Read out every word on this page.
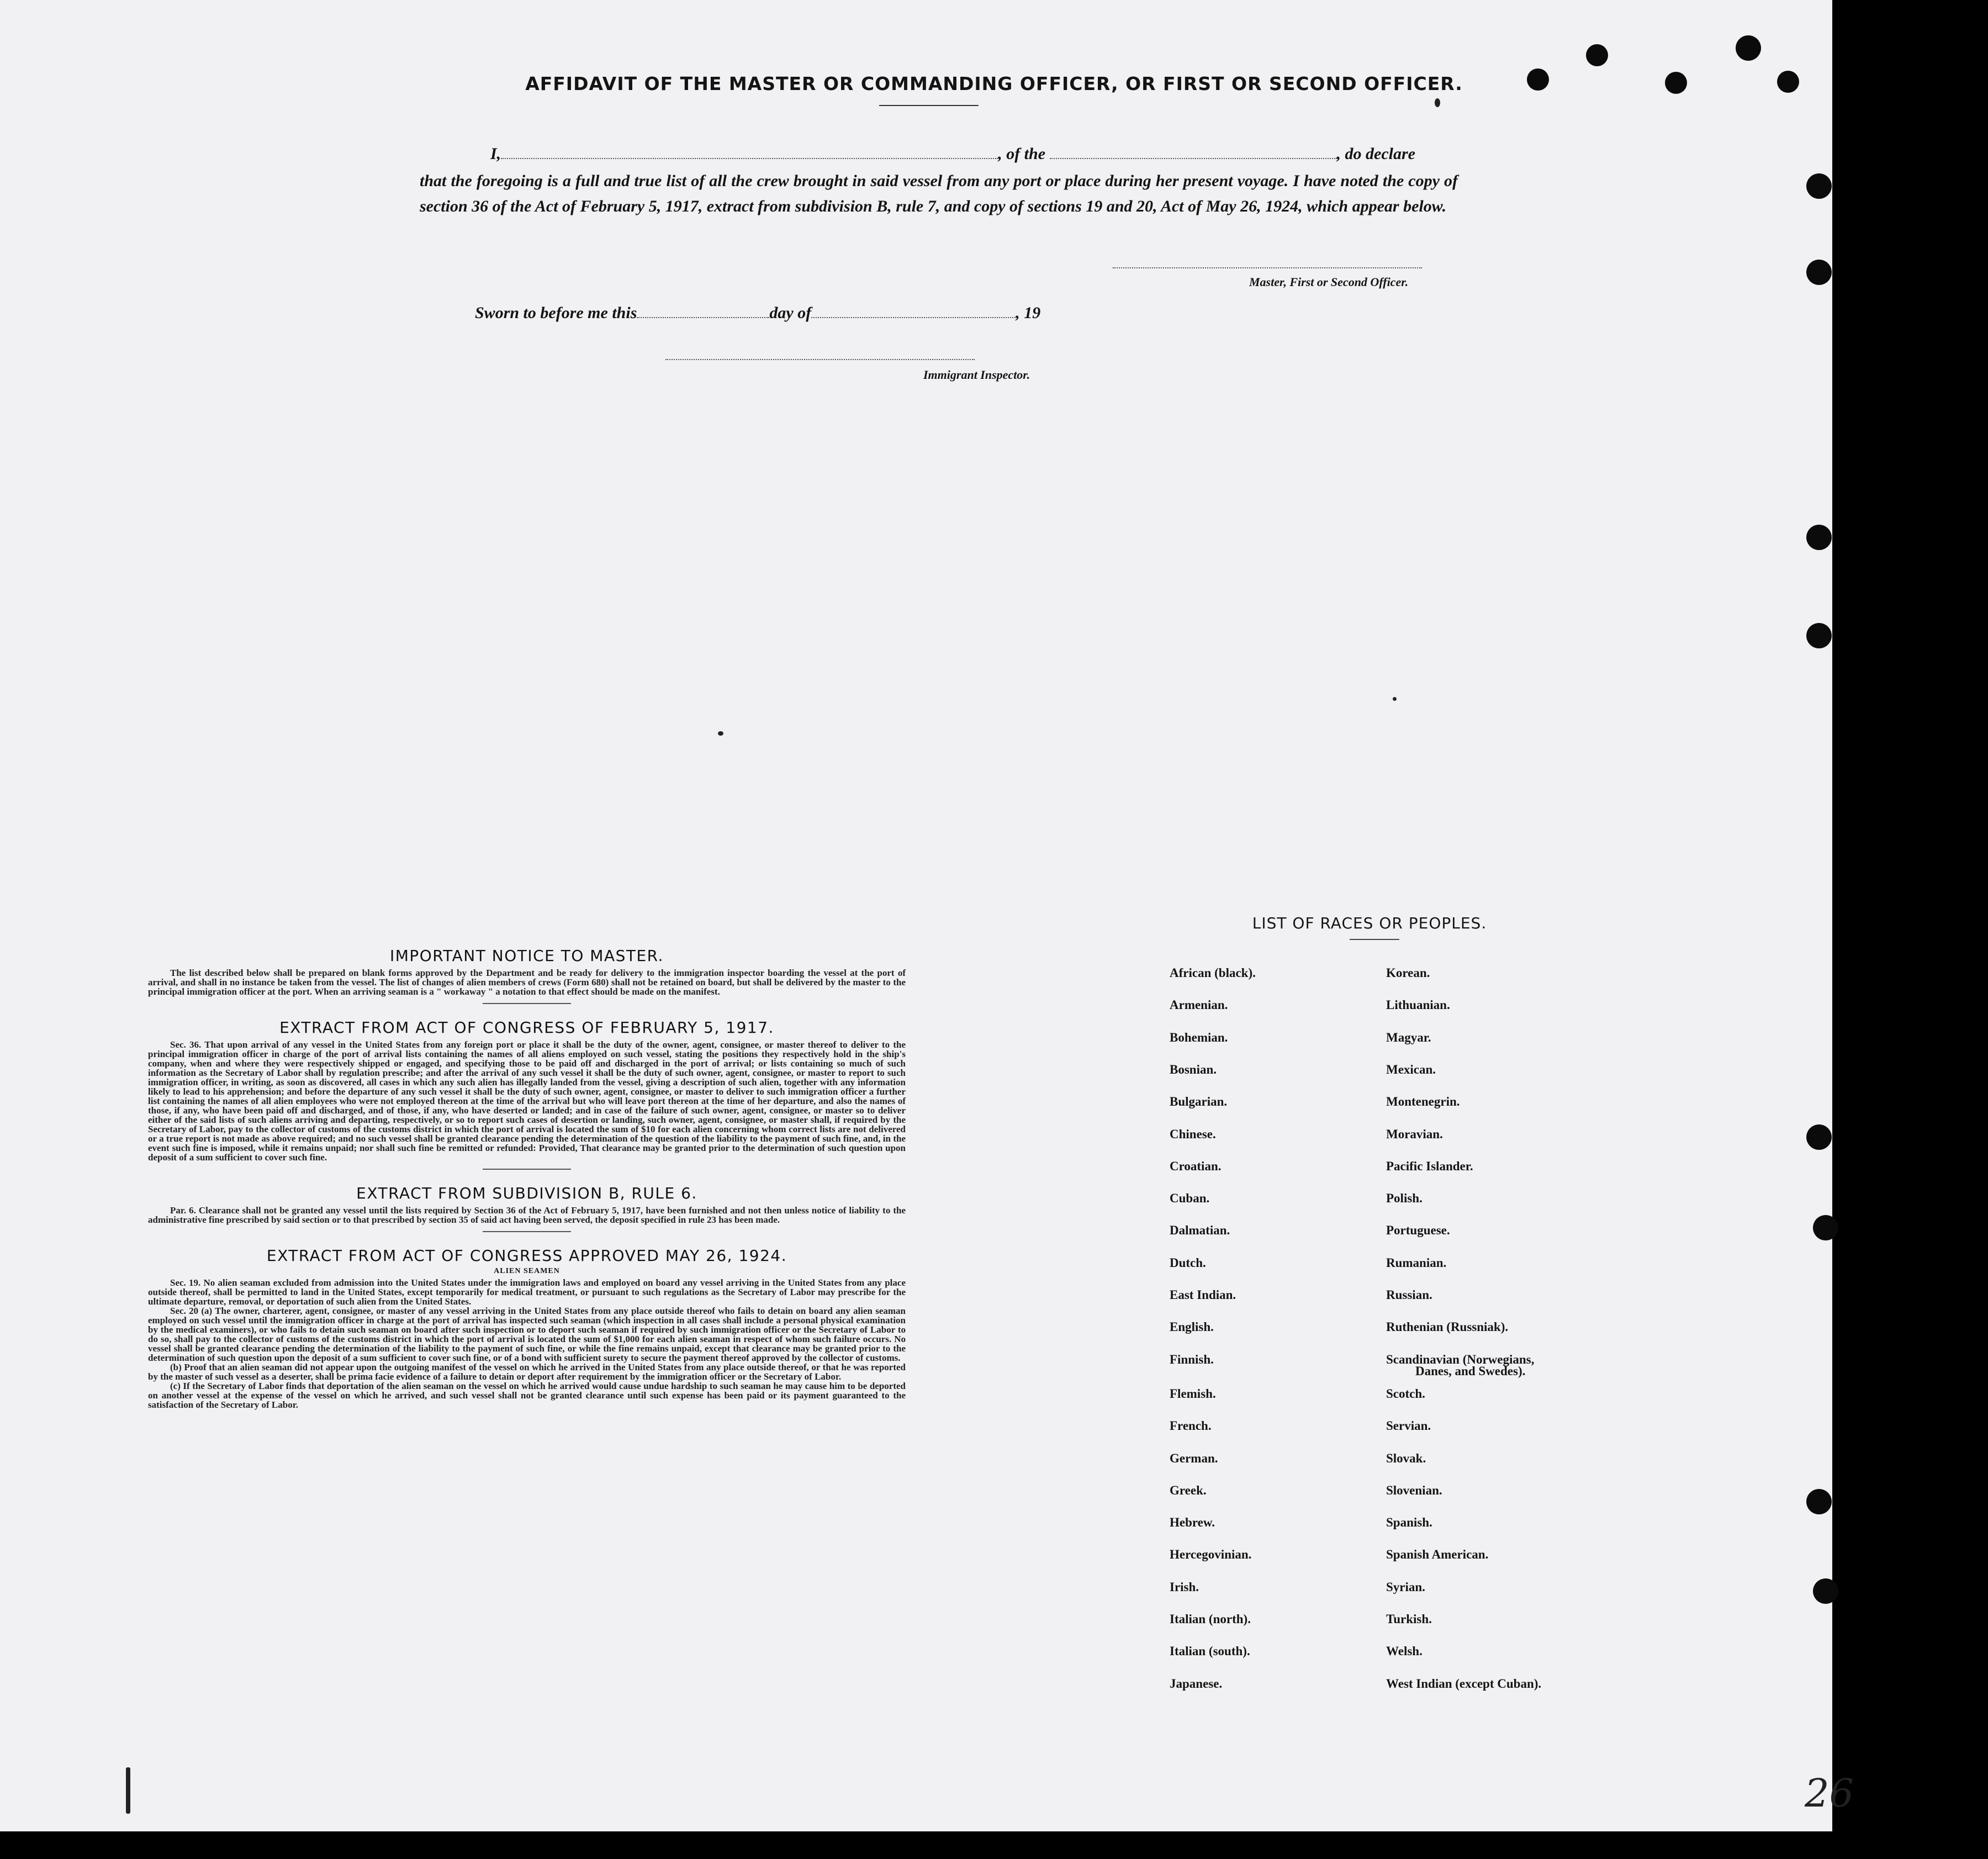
AFFIDAVIT OF THE MASTER OR COMMANDING OFFICER, OR FIRST OR SECOND OFFICER.
I,	, of the	, do declare
that the foregoing is a full and true list of all the crew brought in said vessel from any port or place during her present voyage. I have noted the copy of section 36 of the Act of February 5, 1917, extract from subdivision B, rule 7, and copy of sections 19 and 20, Act of May 26, 1924, which appear below.
Master, First or Second Officer.
Sworn to before me this	day of	, 19
Immigrant Inspector.
IMPORTANT NOTICE TO MASTER.

The list described below shall be prepared on blank forms approved by the Department and be ready for delivery to the immigration inspector boarding the vessel at the port of arrival, and shall in no instance be taken from the vessel. The list of changes of alien members of crews (Form 680) shall not be retained on board, but shall be delivered by the master to the principal immigration officer at the port. When an arriving seaman is a " workaway " a notation to that effect should be made on the manifest.

EXTRACT FROM ACT OF CONGRESS OF FEBRUARY 5, 1917.

Sec. 36. That upon arrival of any vessel in the United States from any foreign port or place it shall be the duty of the owner, agent, consignee, or master thereof to deliver to the principal immigration officer in charge of the port of arrival lists containing the names of all aliens employed on such vessel, stating the positions they respectively hold in the ship's company, when and where they were respectively shipped or engaged, and specifying those to be paid off and discharged in the port of arrival; or lists containing so much of such information as the Secretary of Labor shall by regulation prescribe; and after the arrival of any such vessel it shall be the duty of such owner, agent, consignee, or master to report to such immigration officer, in writing, as soon as discovered, all cases in which any such alien has illegally landed from the vessel, giving a description of such alien, together with any information likely to lead to his apprehension; and before the departure of any such vessel it shall be the duty of such owner, agent, consignee, or master to deliver to such immigration officer a further list containing the names of all alien employees who were not employed thereon at the time of the arrival but who will leave port thereon at the time of her departure, and also the names of those, if any, who have been paid off and discharged, and of those, if any, who have deserted or landed; and in case of the failure of such owner, agent, consignee, or master so to deliver either of the said lists of such aliens arriving and departing, respectively, or so to report such cases of desertion or landing, such owner, agent, consignee, or master shall, if required by the Secretary of Labor, pay to the collector of customs of the customs district in which the port of arrival is located the sum of $10 for each alien concerning whom correct lists are not delivered or a true report is not made as above required; and no such vessel shall be granted clearance pending the determination of the question of the liability to the payment of such fine, and, in the event such fine is imposed, while it remains unpaid; nor shall such fine be remitted or refunded: Provided, That clearance may be granted prior to the determination of such question upon deposit of a sum sufficient to cover such fine.

EXTRACT FROM SUBDIVISION B, RULE 6.

Par. 6. Clearance shall not be granted any vessel until the lists required by Section 36 of the Act of February 5, 1917, have been furnished and not then unless notice of liability to the administrative fine prescribed by said section or to that prescribed by section 35 of said act having been served, the deposit specified in rule 23 has been made.

EXTRACT FROM ACT OF CONGRESS APPROVED MAY 26, 1924.
ALIEN SEAMEN

Sec. 19. No alien seaman excluded from admission into the United States under the immigration laws and employed on board any vessel arriving in the United States from any place outside thereof, shall be permitted to land in the United States, except temporarily for medical treatment, or pursuant to such regulations as the Secretary of Labor may prescribe for the ultimate departure, removal, or deportation of such alien from the United States.

Sec. 20 (a) The owner, charterer, agent, consignee, or master of any vessel arriving in the United States from any place outside thereof who fails to detain on board any alien seaman employed on such vessel until the immigration officer in charge at the port of arrival has inspected such seaman (which inspection in all cases shall include a personal physical examination by the medical examiners), or who fails to detain such seaman on board after such inspection or to deport such seaman if required by such immigration officer or the Secretary of Labor to do so, shall pay to the collector of customs of the customs district in which the port of arrival is located the sum of $1,000 for each alien seaman in respect of whom such failure occurs. No vessel shall be granted clearance pending the determination of the liability to the payment of such fine, or while the fine remains unpaid, except that clearance may be granted prior to the determination of such question upon the deposit of a sum sufficient to cover such fine, or of a bond with sufficient surety to secure the payment thereof approved by the collector of customs.

(b) Proof that an alien seaman did not appear upon the outgoing manifest of the vessel on which he arrived in the United States from any place outside thereof, or that he was reported by the master of such vessel as a deserter, shall be prima facie evidence of a failure to detain or deport after requirement by the immigration officer or the Secretary of Labor.

(c) If the Secretary of Labor finds that deportation of the alien seaman on the vessel on which he arrived would cause undue hardship to such seaman he may cause him to be deported on another vessel at the expense of the vessel on which he arrived, and such vessel shall not be granted clearance until such expense has been paid or its payment guaranteed to the satisfaction of the Secretary of Labor.

LIST OF RACES OR PEOPLES.
African (black).
Armenian.
Bohemian.
Bosnian.
Bulgarian.
Chinese.
Croatian.
Cuban.
Dalmatian.
Dutch.
East Indian.
English.
Finnish.
Flemish.
French.
German.
Greek.
Hebrew.
Hercegovinian.
Irish.
Italian (north).
Italian (south).
Japanese.
Korean.
Lithuanian.
Magyar.
Mexican.
Montenegrin.
Moravian.
Pacific Islander.
Polish.
Portuguese.
Rumanian.
Russian.
Ruthenian (Russniak).
Scandinavian (Norwegians,
Scotch.
Servian.
Slovak.
Slovenian.
Spanish.
Spanish American.
Syrian.
Turkish.
Welsh.
West Indian (except Cuban).
Danes, and Swedes).
26
